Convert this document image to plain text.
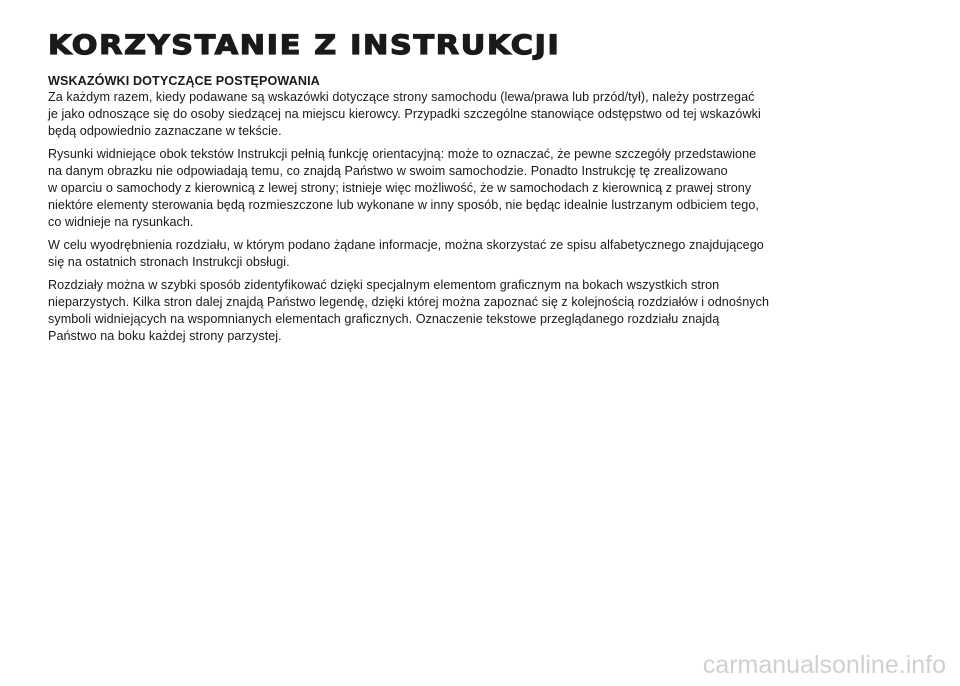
KORZYSTANIE Z INSTRUKCJI
WSKAZÓWKI DOTYCZĄCE POSTĘPOWANIA

Za każdym razem, kiedy podawane są wskazówki dotyczące strony samochodu (lewa/prawa lub przód/tył), należy postrzegać
je jako odnoszące się do osoby siedzącej na miejscu kierowcy. Przypadki szczególne stanowiące odstępstwo od tej wskazówki
będą odpowiednio zaznaczane w tekście.

Rysunki widniejące obok tekstów Instrukcji pełnią funkcję orientacyjną: może to oznaczać, że pewne szczegóły przedstawione
na danym obrazku nie odpowiadają temu, co znajdą Państwo w swoim samochodzie. Ponadto Instrukcję tę zrealizowano
w oparciu o samochody z kierownicą z lewej strony; istnieje więc możliwość, że w samochodach z kierownicą z prawej strony
niektóre elementy sterowania będą rozmieszczone lub wykonane w inny sposób, nie będąc idealnie lustrzanym odbiciem tego,
co widnieje na rysunkach.

W celu wyodrębnienia rozdziału, w którym podano żądane informacje, można skorzystać ze spisu alfabetycznego znajdującego
się na ostatnich stronach Instrukcji obsługi.

Rozdziały można w szybki sposób zidentyfikować dzięki specjalnym elementom graficznym na bokach wszystkich stron
nieparzystych. Kilka stron dalej znajdą Państwo legendę, dzięki której można zapoznać się z kolejnością rozdziałów i odnośnych
symboli widniejących na wspomnianych elementach graficznych. Oznaczenie tekstowe przeglądanego rozdziału znajdą
Państwo na boku każdej strony parzystej.

carmanualsonline.info
